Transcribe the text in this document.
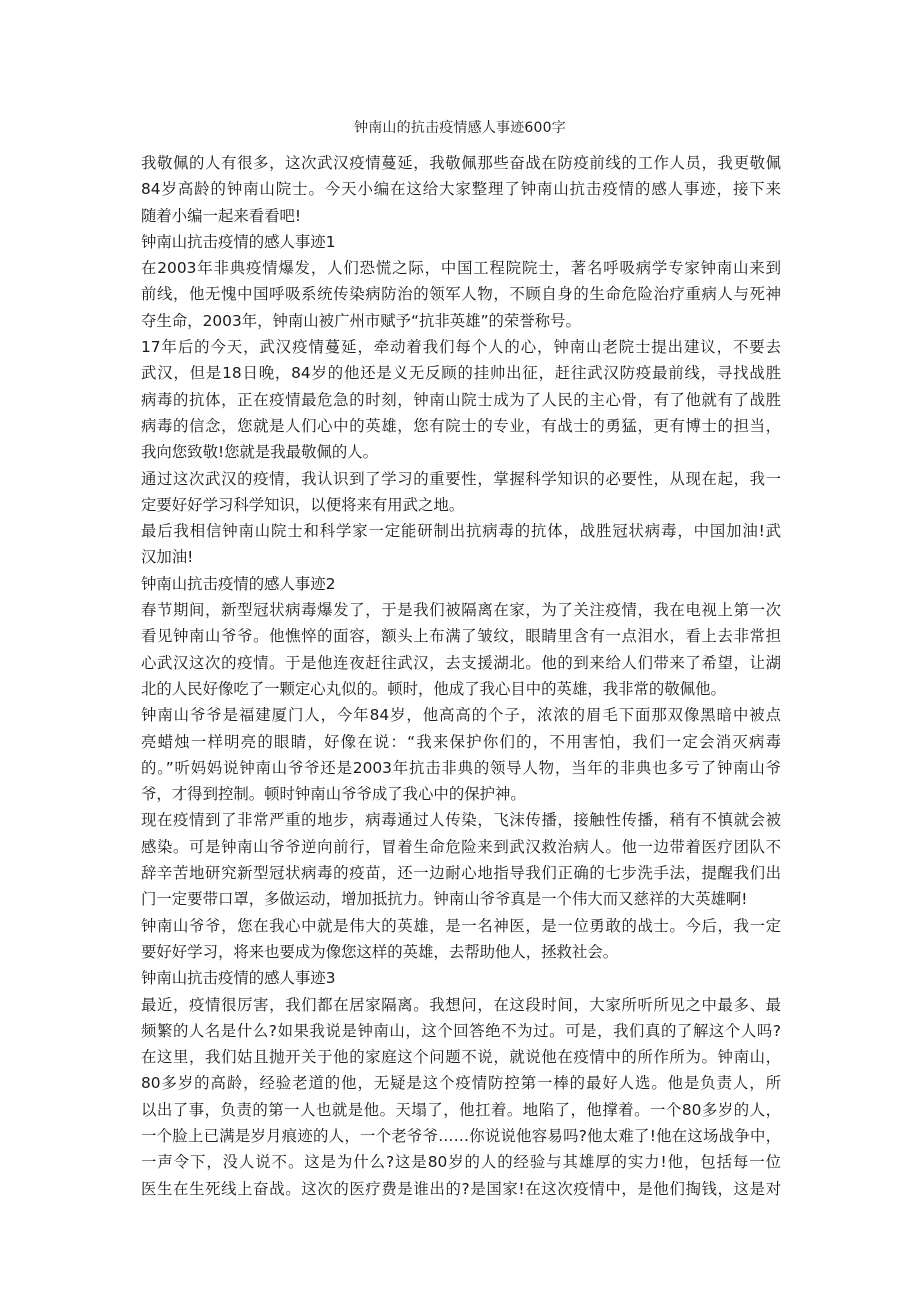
钟南山的抗击疫情感人事迹600字
我敬佩的人有很多，这次武汉疫情蔓延，我敬佩那些奋战在防疫前线的工作人员，我更敬佩
84岁高龄的钟南山院士。今天小编在这给大家整理了钟南山抗击疫情的感人事迹，接下来
随着小编一起来看看吧!
钟南山抗击疫情的感人事迹1
在2003年非典疫情爆发，人们恐慌之际，中国工程院院士，著名呼吸病学专家钟南山来到
前线，他无愧中国呼吸系统传染病防治的领军人物，不顾自身的生命危险治疗重病人与死神
夺生命，2003年，钟南山被广州市赋予“抗非英雄”的荣誉称号。
17年后的今天，武汉疫情蔓延，牵动着我们每个人的心，钟南山老院士提出建议，不要去
武汉，但是18日晚，84岁的他还是义无反顾的挂帅出征，赶往武汉防疫最前线，寻找战胜
病毒的抗体，正在疫情最危急的时刻，钟南山院士成为了人民的主心骨，有了他就有了战胜
病毒的信念，您就是人们心中的英雄，您有院士的专业，有战士的勇猛，更有博士的担当，
我向您致敬!您就是我最敬佩的人。
通过这次武汉的疫情，我认识到了学习的重要性，掌握科学知识的必要性，从现在起，我一
定要好好学习科学知识，以便将来有用武之地。
最后我相信钟南山院士和科学家一定能研制出抗病毒的抗体，战胜冠状病毒，中国加油!武
汉加油!
钟南山抗击疫情的感人事迹2
春节期间，新型冠状病毒爆发了，于是我们被隔离在家，为了关注疫情，我在电视上第一次
看见钟南山爷爷。他憔悴的面容，额头上布满了皱纹，眼睛里含有一点泪水，看上去非常担
心武汉这次的疫情。于是他连夜赶往武汉，去支援湖北。他的到来给人们带来了希望，让湖
北的人民好像吃了一颗定心丸似的。顿时，他成了我心目中的英雄，我非常的敬佩他。
钟南山爷爷是福建厦门人，今年84岁，他高高的个子，浓浓的眉毛下面那双像黑暗中被点
亮蜡烛一样明亮的眼睛，好像在说：“我来保护你们的，不用害怕，我们一定会消灭病毒
的。”听妈妈说钟南山爷爷还是2003年抗击非典的领导人物，当年的非典也多亏了钟南山爷
爷，才得到控制。顿时钟南山爷爷成了我心中的保护神。
现在疫情到了非常严重的地步，病毒通过人传染，飞沫传播，接触性传播，稍有不慎就会被
感染。可是钟南山爷爷逆向前行，冒着生命危险来到武汉救治病人。他一边带着医疗团队不
辞辛苦地研究新型冠状病毒的疫苗，还一边耐心地指导我们正确的七步洗手法，提醒我们出
门一定要带口罩，多做运动，增加抵抗力。钟南山爷爷真是一个伟大而又慈祥的大英雄啊!
钟南山爷爷，您在我心中就是伟大的英雄，是一名神医，是一位勇敢的战士。今后，我一定
要好好学习，将来也要成为像您这样的英雄，去帮助他人，拯救社会。
钟南山抗击疫情的感人事迹3
最近，疫情很厉害，我们都在居家隔离。我想问，在这段时间，大家所听所见之中最多、最
频繁的人名是什么?如果我说是钟南山，这个回答绝不为过。可是，我们真的了解这个人吗?
在这里，我们姑且抛开关于他的家庭这个问题不说，就说他在疫情中的所作所为。钟南山，
80多岁的高龄，经验老道的他，无疑是这个疫情防控第一棒的最好人选。他是负责人，所
以出了事，负责的第一人也就是他。天塌了，他扛着。地陷了，他撑着。一个80多岁的人，
一个脸上已满是岁月痕迹的人，一个老爷爷……你说说他容易吗?他太难了!他在这场战争中，
一声令下，没人说不。这是为什么?这是80岁的人的经验与其雄厚的实力!他，包括每一位
医生在生死线上奋战。这次的医疗费是谁出的?是国家!在这次疫情中，是他们掏钱，这是对
